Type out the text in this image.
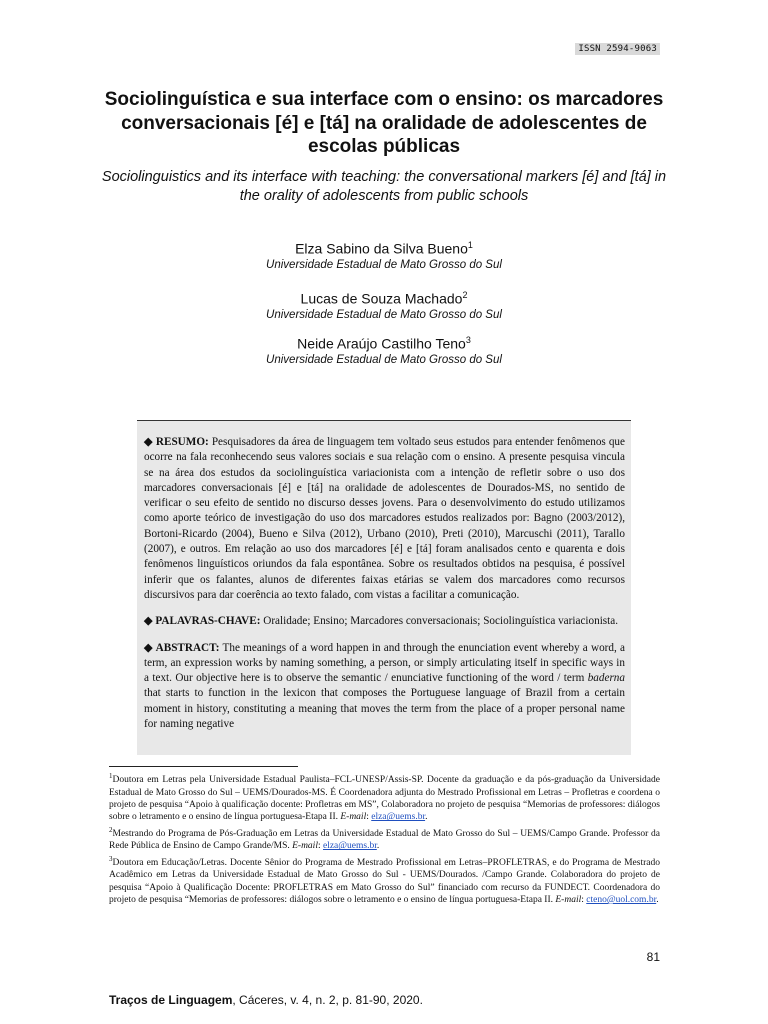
ISSN 2594-9063
Sociolinguística e sua interface com o ensino: os marcadores conversacionais [é] e [tá] na oralidade de adolescentes de escolas públicas
Sociolinguistics and its interface with teaching: the conversational markers [é] and [tá] in the orality of adolescents from public schools
Elza Sabino da Silva Bueno$^1$
Universidade Estadual de Mato Grosso do Sul
Lucas de Souza Machado$^2$
Universidade Estadual de Mato Grosso do Sul
Neide Araújo Castilho Teno$^3$
Universidade Estadual de Mato Grosso do Sul

◆ RESUMO: Pesquisadores da área de linguagem tem voltado seus estudos para entender fenômenos que ocorre na fala reconhecendo seus valores sociais e sua relação com o ensino. A presente pesquisa vincula se na área dos estudos da sociolinguística variacionista com a intenção de refletir sobre o uso dos marcadores conversacionais [é] e [tá] na oralidade de adolescentes de Dourados-MS, no sentido de verificar o seu efeito de sentido no discurso desses jovens. Para o desenvolvimento do estudo utilizamos como aporte teórico de investigação do uso dos marcadores estudos realizados por: Bagno (2003/2012), Bortoni-Ricardo (2004), Bueno e Silva (2012), Urbano (2010), Preti (2010), Marcuschi (2011), Tarallo (2007), e outros. Em relação ao uso dos marcadores [é] e [tá] foram analisados cento e quarenta e dois fenômenos linguísticos oriundos da fala espontânea. Sobre os resultados obtidos na pesquisa, é possível inferir que os falantes, alunos de diferentes faixas etárias se valem dos marcadores como recursos discursivos para dar coerência ao texto falado, com vistas a facilitar a comunicação.

◆ PALAVRAS-CHAVE: Oralidade; Ensino; Marcadores conversacionais; Sociolinguística variacionista.

◆ ABSTRACT: The meanings of a word happen in and through the enunciation event whereby a word, a term, an expression works by naming something, a person, or simply articulating itself in specific ways in a text. Our objective here is to observe the semantic / enunciative functioning of the word / term baderna that starts to function in the lexicon that composes the Portuguese language of Brazil from a certain moment in history, constituting a meaning that moves the term from the place of a proper personal name for naming negative

$^1$Doutora em Letras pela Universidade Estadual Paulista–FCL-UNESP/Assis-SP. Docente da graduação e da pós-graduação da Universidade Estadual de Mato Grosso do Sul – UEMS/Dourados-MS. É Coordenadora adjunta do Mestrado Profissional em Letras – Profletras e coordena o projeto de pesquisa “Apoio à qualificação docente: Profletras em MS”, Colaboradora no projeto de pesquisa “Memorias de professores: diálogos sobre o letramento e o ensino de língua portuguesa-Etapa II. E-mail: elza@uems.br.

$^2$Mestrando do Programa de Pós-Graduação em Letras da Universidade Estadual de Mato Grosso do Sul – UEMS/Campo Grande. Professor da Rede Pública de Ensino de Campo Grande/MS. E-mail: elza@uems.br.

$^3$Doutora em Educação/Letras. Docente Sênior do Programa de Mestrado Profissional em Letras–PROFLETRAS, e do Programa de Mestrado Acadêmico em Letras da Universidade Estadual de Mato Grosso do Sul - UEMS/Dourados. /Campo Grande. Colaboradora do projeto de pesquisa “Apoio à Qualificação Docente: PROFLETRAS em Mato Grosso do Sul” financiado com recurso da FUNDECT. Coordenadora do projeto de pesquisa “Memorias de professores: diálogos sobre o letramento e o ensino de língua portuguesa-Etapa II. E-mail: cteno@uol.com.br.

81
Traços de Linguagem, Cáceres, v. 4, n. 2, p. 81-90, 2020.
